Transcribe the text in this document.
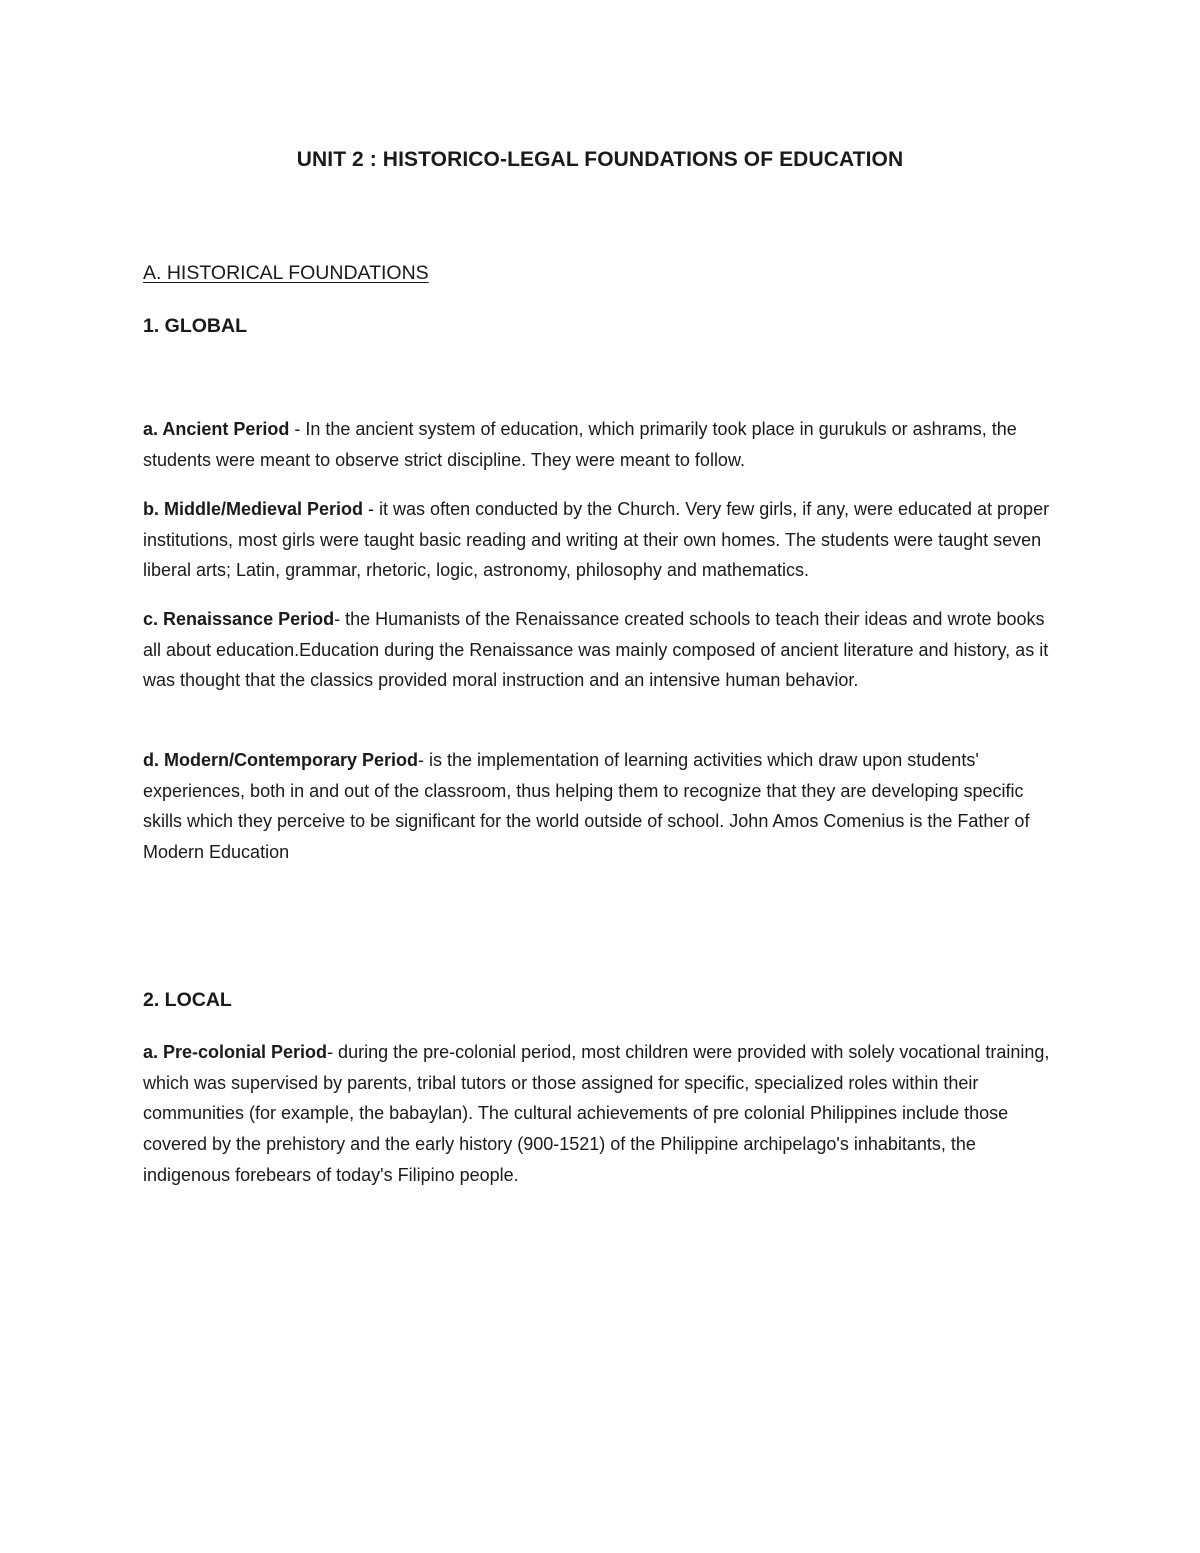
UNIT 2 : HISTORICO-LEGAL FOUNDATIONS OF EDUCATION
A. HISTORICAL FOUNDATIONS
1. GLOBAL

a. Ancient Period - In the ancient system of education, which primarily took place in gurukuls or ashrams, the students were meant to observe strict discipline. They were meant to follow.

b. Middle/Medieval Period - it was often conducted by the Church. Very few girls, if any, were educated at proper institutions, most girls were taught basic reading and writing at their own homes. The students were taught seven liberal arts; Latin, grammar, rhetoric, logic, astronomy, philosophy and mathematics.

c. Renaissance Period- the Humanists of the Renaissance created schools to teach their ideas and wrote books all about education.Education during the Renaissance was mainly composed of ancient literature and history, as it was thought that the classics provided moral instruction and an intensive human behavior.

d. Modern/Contemporary Period- is the implementation of learning activities which draw upon students' experiences, both in and out of the classroom, thus helping them to recognize that they are developing specific skills which they perceive to be significant for the world outside of school. John Amos Comenius is the Father of Modern Education

2. LOCAL

a. Pre-colonial Period- during the pre-colonial period, most children were provided with solely vocational training, which was supervised by parents, tribal tutors or those assigned for specific, specialized roles within their communities (for example, the babaylan). The cultural achievements of pre colonial Philippines include those covered by the prehistory and the early history (900-1521) of the Philippine archipelago's inhabitants, the indigenous forebears of today's Filipino people.
